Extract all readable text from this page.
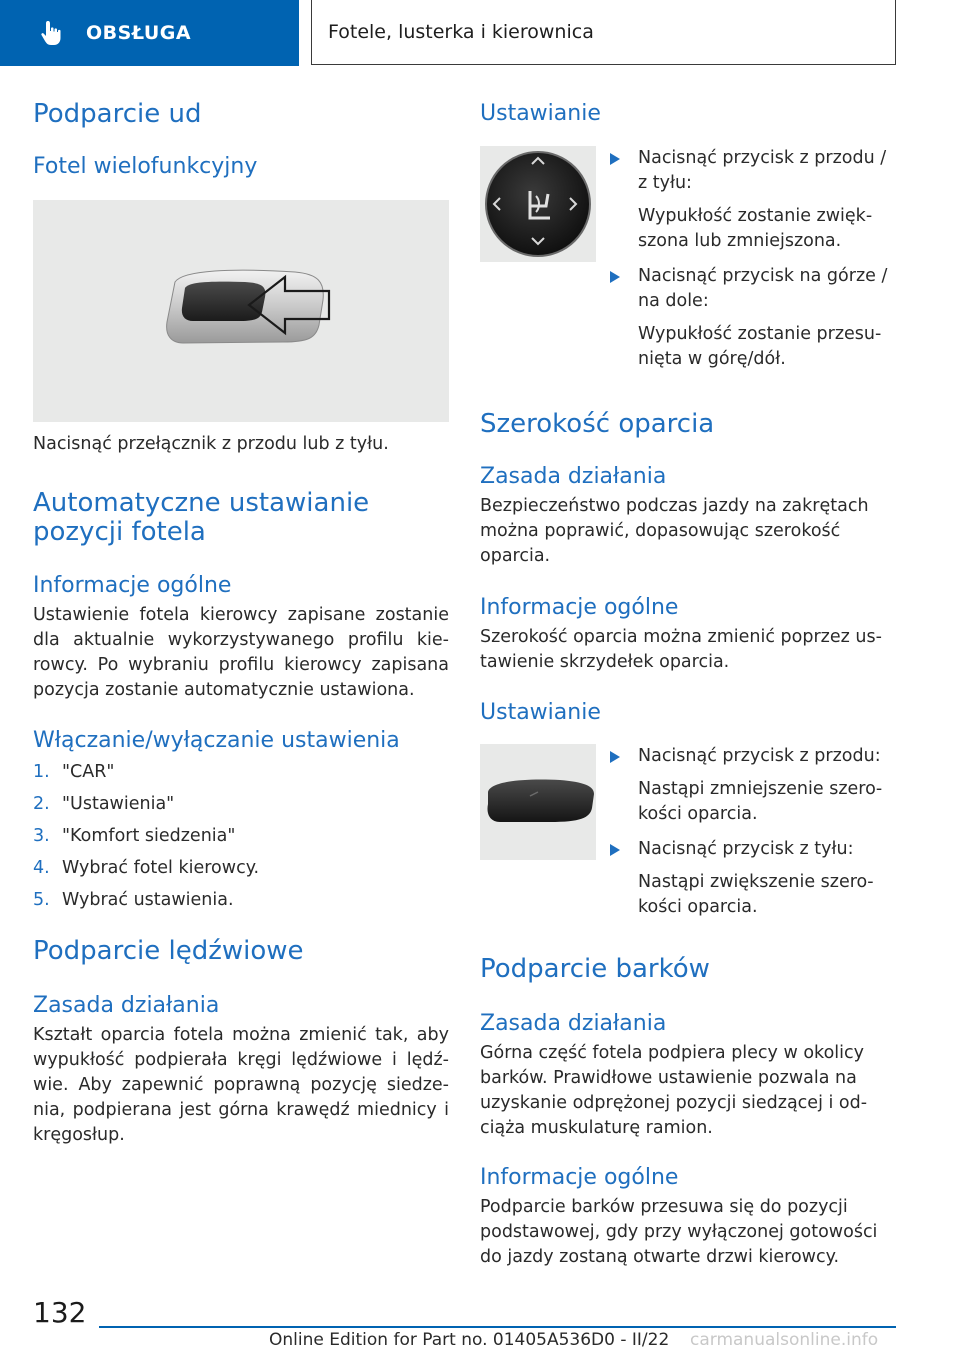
OBSŁUGA	Fotele, lusterka i kierownica
Podparcie ud
Fotel wielofunkcyjny
Nacisnąć przełącznik z przodu lub z tyłu.
Automatyczne ustawianie pozycji fotela
Informacje ogólne
Ustawienie fotela kierowcy zapisane zostanie dla aktualnie wykorzystywanego profilu kierowcy. Po wybraniu profilu kierowcy zapisana pozycja zostanie automatycznie ustawiona.
Włączanie/wyłączanie ustawienia
1. "CAR"
2. "Ustawienia"
3. "Komfort siedzenia"
4. Wybrać fotel kierowcy.
5. Wybrać ustawienia.
Podparcie lędźwiowe
Zasada działania
Kształt oparcia fotela można zmienić tak, aby wypukłość podpierała kręgi lędźwiowe i lędźwie. Aby zapewnić poprawną pozycję siedzenia, podpierana jest górna krawędź miednicy i kręgosłup.
Ustawianie
Nacisnąć przycisk z przodu / z tyłu:
Wypukłość zostanie zwiększona lub zmniejszona.
Nacisnąć przycisk na górze / na dole:
Wypukłość zostanie przesunięta w górę/dół.
Szerokość oparcia
Zasada działania
Bezpieczeństwo podczas jazdy na zakrętach można poprawić, dopasowując szerokość oparcia.
Informacje ogólne
Szerokość oparcia można zmienić poprzez ustawienie skrzydełek oparcia.
Ustawianie
Nacisnąć przycisk z przodu:
Nastąpi zmniejszenie szerokości oparcia.
Nacisnąć przycisk z tyłu:
Nastąpi zwiększenie szerokości oparcia.
Podparcie barków
Zasada działania
Górna część fotela podpiera plecy w okolicy barków. Prawidłowe ustawienie pozwala na uzyskanie odprężonej pozycji siedzącej i odciąża muskulaturę ramion.
Informacje ogólne
Podparcie barków przesuwa się do pozycji podstawowej, gdy przy wyłączonej gotowości do jazdy zostaną otwarte drzwi kierowcy.
132
Online Edition for Part no. 01405A536D0 - II/22 carmanualsonline.info
